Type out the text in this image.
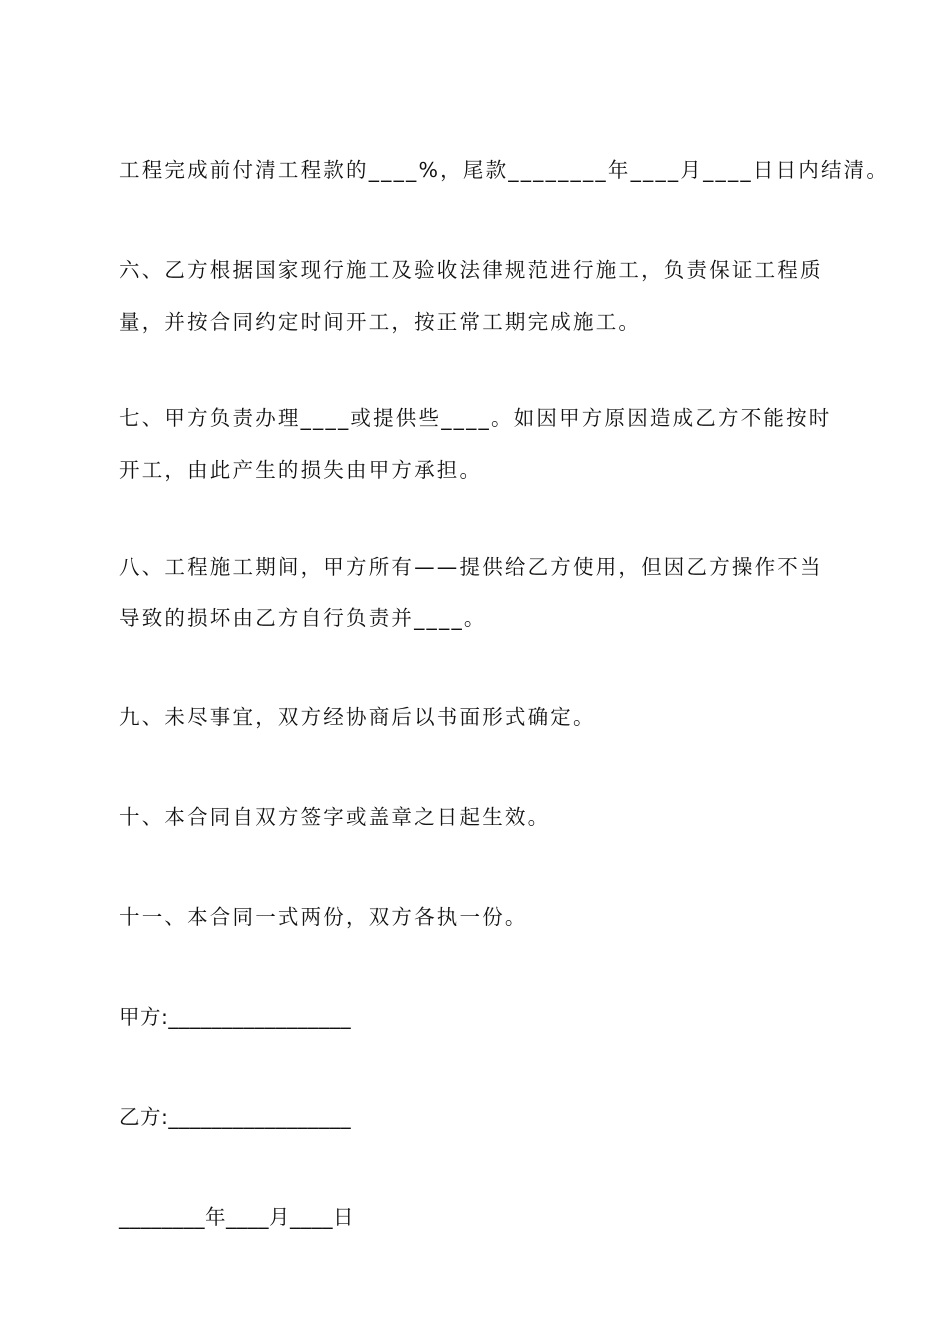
工程完成前付清工程款的____%，尾款________年____月____日日内结清。
六、乙方根据国家现行施工及验收法律规范进行施工，负责保证工程质
量，并按合同约定时间开工，按正常工期完成施工。
七、甲方负责办理____或提供些____。如因甲方原因造成乙方不能按时
开工，由此产生的损失由甲方承担。
八、工程施工期间，甲方所有——提供给乙方使用，但因乙方操作不当
导致的损坏由乙方自行负责并____。
九、未尽事宜，双方经协商后以书面形式确定。
十、本合同自双方签字或盖章之日起生效。
十一、本合同一式两份，双方各执一份。
甲方:_________________
乙方:_________________
________年____月____日
